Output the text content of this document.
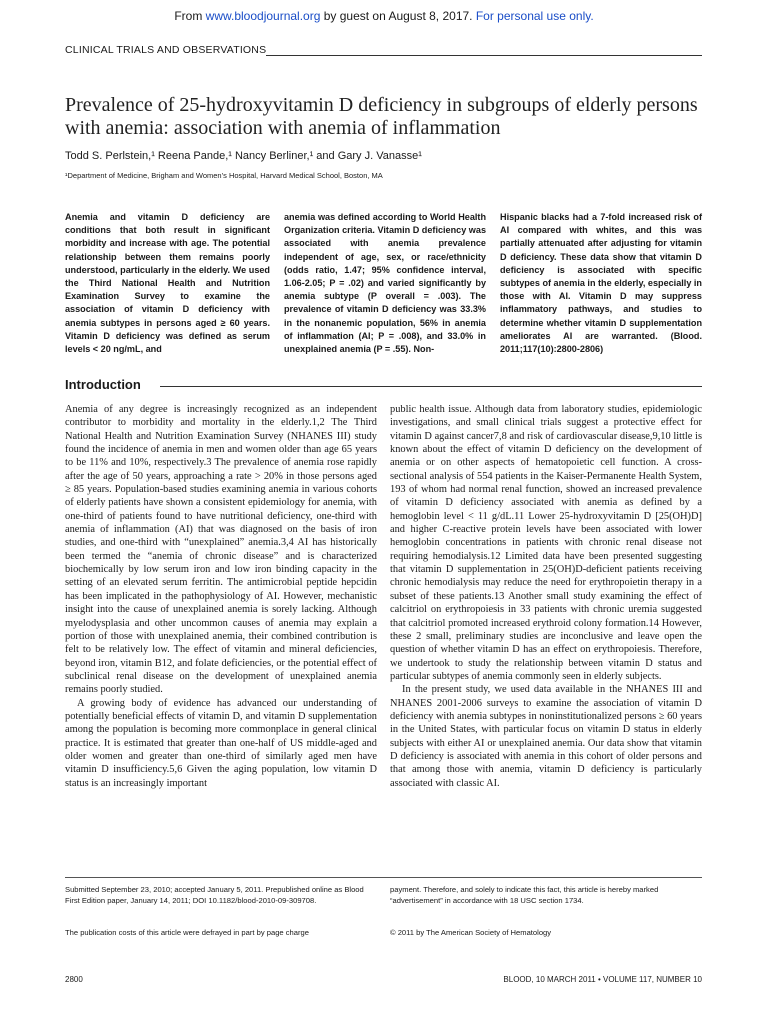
From www.bloodjournal.org by guest on August 8, 2017. For personal use only.
CLINICAL TRIALS AND OBSERVATIONS
Prevalence of 25-hydroxyvitamin D deficiency in subgroups of elderly persons with anemia: association with anemia of inflammation
Todd S. Perlstein,¹ Reena Pande,¹ Nancy Berliner,¹ and Gary J. Vanasse¹
¹Department of Medicine, Brigham and Women’s Hospital, Harvard Medical School, Boston, MA
Anemia and vitamin D deficiency are conditions that both result in significant morbidity and increase with age. The potential relationship between them remains poorly understood, particularly in the elderly. We used the Third National Health and Nutrition Examination Survey to examine the association of vitamin D deficiency with anemia subtypes in persons aged ≥ 60 years. Vitamin D deficiency was defined as serum levels < 20 ng/mL, and
anemia was defined according to World Health Organization criteria. Vitamin D deficiency was associated with anemia prevalence independent of age, sex, or race/ethnicity (odds ratio, 1.47; 95% confidence interval, 1.06-2.05; P = .02) and varied significantly by anemia subtype (P overall = .003). The prevalence of vitamin D deficiency was 33.3% in the nonanemic population, 56% in anemia of inflammation (AI; P = .008), and 33.0% in unexplained anemia (P = .55). Non-
Hispanic blacks had a 7-fold increased risk of AI compared with whites, and this was partially attenuated after adjusting for vitamin D deficiency. These data show that vitamin D deficiency is associated with specific subtypes of anemia in the elderly, especially in those with AI. Vitamin D may suppress inflammatory pathways, and studies to determine whether vitamin D supplementation ameliorates AI are warranted. (Blood. 2011;117(10):2800-2806)
Introduction

Anemia of any degree is increasingly recognized as an independent contributor to morbidity and mortality in the elderly.1,2 The Third National Health and Nutrition Examination Survey (NHANES III) study found the incidence of anemia in men and women older than age 65 years to be 11% and 10%, respectively.3 The prevalence of anemia rose rapidly after the age of 50 years, approaching a rate > 20% in those persons aged ≥ 85 years. Population-based studies examining anemia in various cohorts of elderly patients have shown a consistent epidemiology for anemia, with one-third of patients found to have nutritional deficiency, one-third with anemia of inflammation (AI) that was diagnosed on the basis of iron studies, and one-third with “unexplained” anemia.3,4 AI has historically been termed the “anemia of chronic disease” and is characterized biochemically by low serum iron and low iron binding capacity in the setting of an elevated serum ferritin. The antimicrobial peptide hepcidin has been implicated in the pathophysiology of AI. However, mechanistic insight into the cause of unexplained anemia is sorely lacking. Although myelodysplasia and other uncommon causes of anemia may explain a portion of those with unexplained anemia, their combined contribution is felt to be relatively low. The effect of vitamin and mineral deficiencies, beyond iron, vitamin B12, and folate deficiencies, or the potential effect of subclinical renal disease on the development of unexplained anemia remains poorly studied.

A growing body of evidence has advanced our understanding of potentially beneficial effects of vitamin D, and vitamin D supplementation among the population is becoming more commonplace in general clinical practice. It is estimated that greater than one-half of US middle-aged and older women and greater than one-third of similarly aged men have vitamin D insufficiency.5,6 Given the aging population, low vitamin D status is an increasingly important

public health issue. Although data from laboratory studies, epidemiologic investigations, and small clinical trials suggest a protective effect for vitamin D against cancer7,8 and risk of cardiovascular disease,9,10 little is known about the effect of vitamin D deficiency on the development of anemia or on other aspects of hematopoietic cell function. A cross-sectional analysis of 554 patients in the Kaiser-Permanente Health System, 193 of whom had normal renal function, showed an increased prevalence of vitamin D deficiency associated with anemia as defined by a hemoglobin level < 11 g/dL.11 Lower 25-hydroxyvitamin D [25(OH)D] and higher C-reactive protein levels have been associated with lower hemoglobin concentrations in patients with chronic renal disease not requiring hemodialysis.12 Limited data have been presented suggesting that vitamin D supplementation in 25(OH)D-deficient patients receiving chronic hemodialysis may reduce the need for erythropoietin therapy in a subset of these patients.13 Another small study examining the effect of calcitriol on erythropoiesis in 33 patients with chronic uremia suggested that calcitriol promoted increased erythroid colony formation.14 However, these 2 small, preliminary studies are inconclusive and leave open the question of whether vitamin D has an effect on erythropoiesis. Therefore, we undertook to study the relationship between vitamin D status and particular subtypes of anemia commonly seen in elderly subjects.

In the present study, we used data available in the NHANES III and NHANES 2001-2006 surveys to examine the association of vitamin D deficiency with anemia subtypes in noninstitutionalized persons ≥ 60 years in the United States, with particular focus on vitamin D status in elderly subjects with either AI or unexplained anemia. Our data show that vitamin D deficiency is associated with anemia in this cohort of older persons and that among those with anemia, vitamin D deficiency is particularly associated with classic AI.

Submitted September 23, 2010; accepted January 5, 2011. Prepublished online as Blood First Edition paper, January 14, 2011; DOI 10.1182/blood-2010-09-309708.
The publication costs of this article were defrayed in part by page charge
payment. Therefore, and solely to indicate this fact, this article is hereby marked “advertisement” in accordance with 18 USC section 1734.
© 2011 by The American Society of Hematology
2800	BLOOD, 10 MARCH 2011 • VOLUME 117, NUMBER 10
